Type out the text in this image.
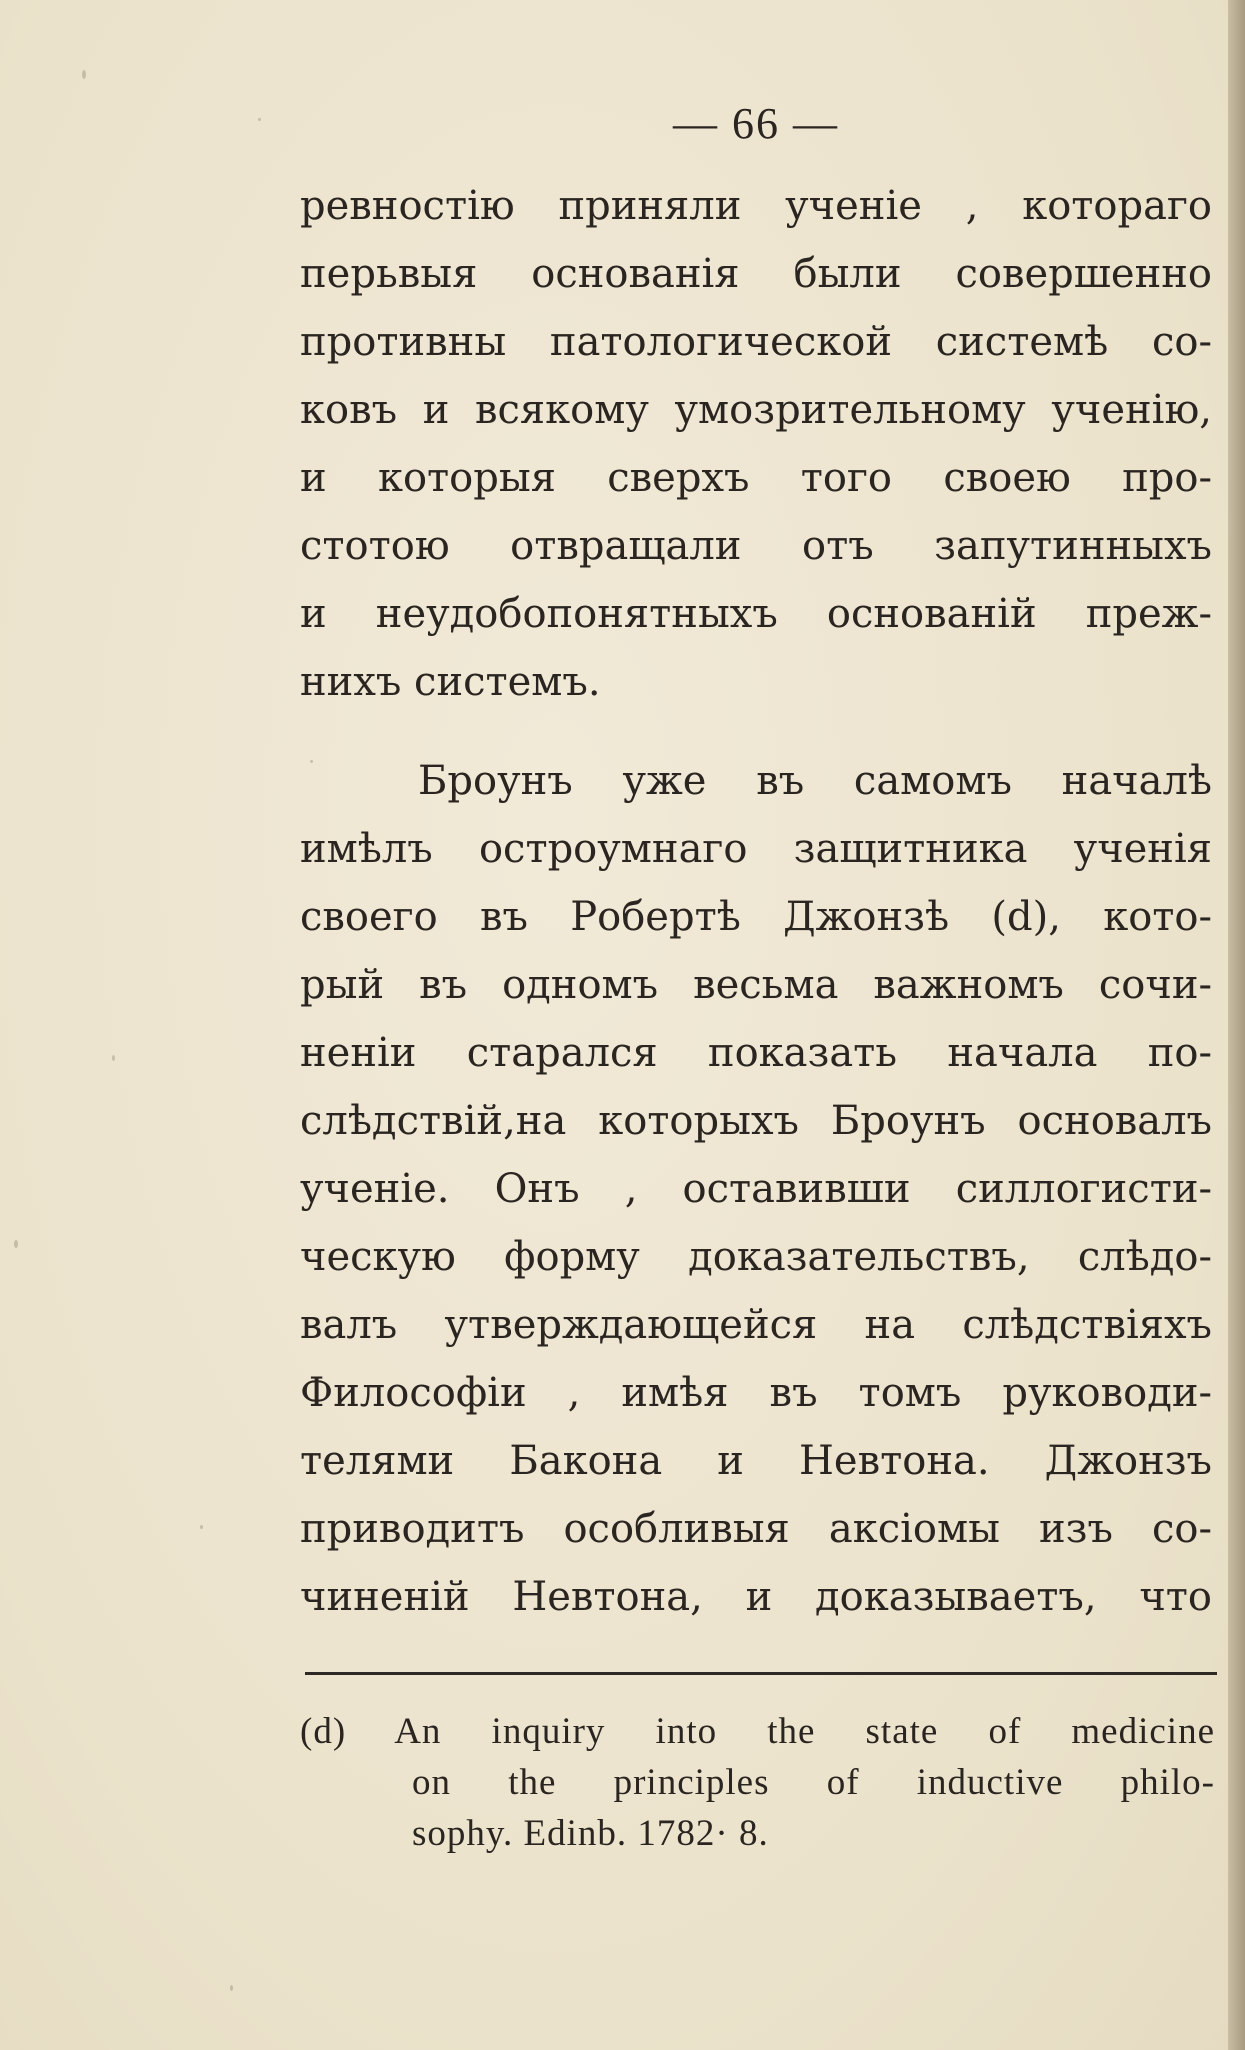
— 66 —
ревностію приняли ученіе , котораго
перьвыя основанія были совершенно
противны патологической системѣ со-
ковъ и всякому умозрительному ученію,
и которыя сверхъ того своею про-
стотою отвращали отъ запутинныхъ
и неудобопонятныхъ основаній преж-
нихъ системъ.
Броунъ уже въ самомъ началѣ
имѣлъ остроумнаго защитника ученія
своего въ Робертѣ Джонзѣ (d), кото-
рый въ одномъ весьма важномъ сочи-
неніи старался показать начала по-
слѣдствій,на которыхъ Броунъ основалъ
ученіе. Онъ , оставивши силлогисти-
ческую форму доказательствъ, слѣдо-
валъ утверждающейся на слѣдствіяхъ
Философіи , имѣя въ томъ руководи-
телями Бакона и Невтона. Джонзъ
приводитъ особливыя аксіомы изъ со-
чиненій Невтона, и доказываетъ, что
(d) An inquiry into the state of medicine
on the principles of inductive philo-
sophy. Edinb. 1782· 8.
